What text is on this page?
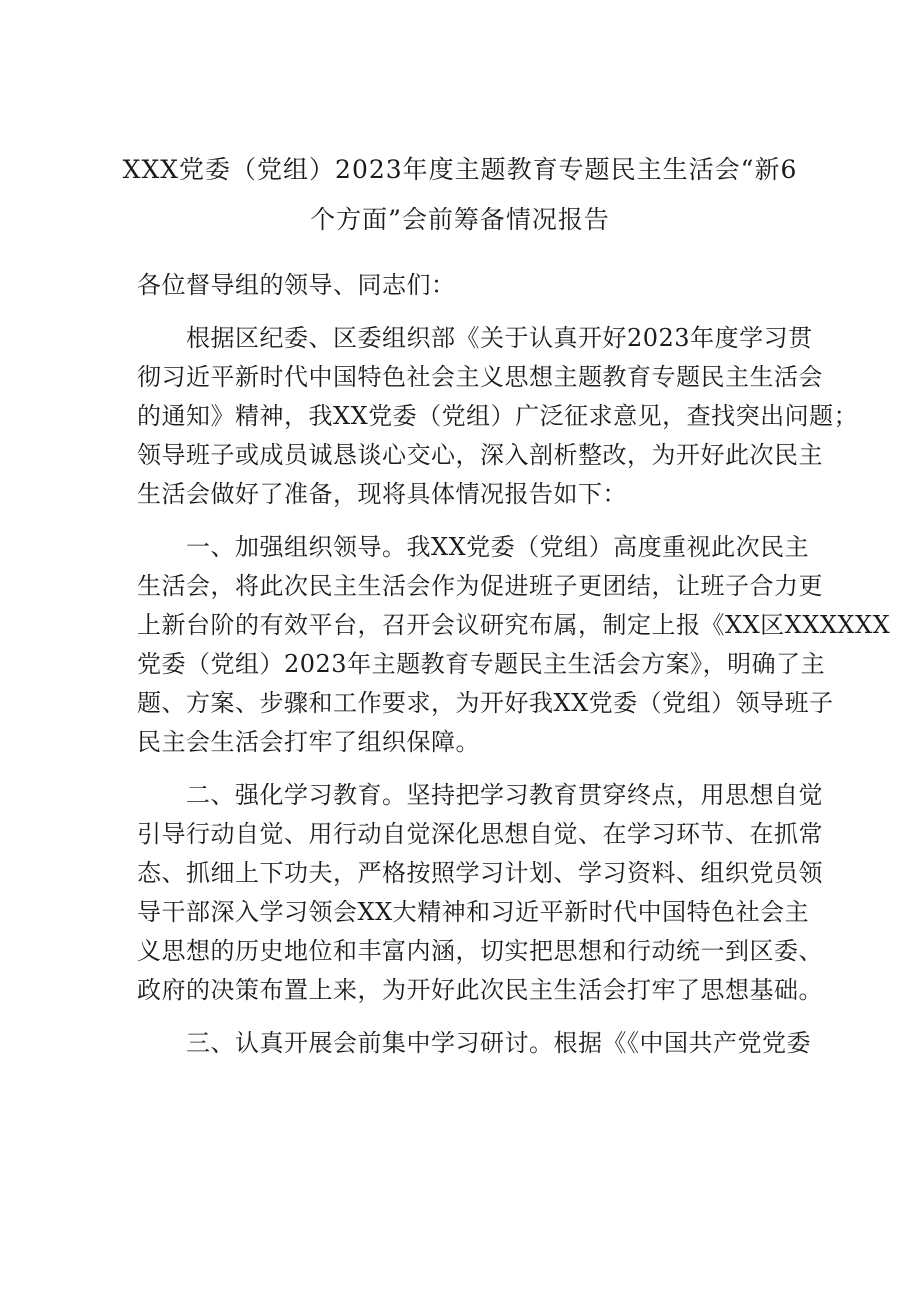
XXX党委（党组）2023年度主题教育专题民主生活会“新6
个方面”会前筹备情况报告
各位督导组的领导、同志们：
　　根据区纪委、区委组织部《关于认真开好2023年度学习贯
彻习近平新时代中国特色社会主义思想主题教育专题民主生活会
的通知》精神，我XX党委（党组）广泛征求意见，查找突出问题；
领导班子或成员诚恳谈心交心，深入剖析整改，为开好此次民主
生活会做好了准备，现将具体情况报告如下：
　　一、加强组织领导。我XX党委（党组）高度重视此次民主
生活会，将此次民主生活会作为促进班子更团结，让班子合力更
上新台阶的有效平台，召开会议研究布属，制定上报《XX区XXXXXX
党委（党组）2023年主题教育专题民主生活会方案》，明确了主
题、方案、步骤和工作要求，为开好我XX党委（党组）领导班子
民主会生活会打牢了组织保障。
　　二、强化学习教育。坚持把学习教育贯穿终点，用思想自觉
引导行动自觉、用行动自觉深化思想自觉、在学习环节、在抓常
态、抓细上下功夫，严格按照学习计划、学习资料、组织党员领
导干部深入学习领会XX大精神和习近平新时代中国特色社会主
义思想的历史地位和丰富内涵，切实把思想和行动统一到区委、
政府的决策布置上来，为开好此次民主生活会打牢了思想基础。
　　三、认真开展会前集中学习研讨。根据《《中国共产党党委
